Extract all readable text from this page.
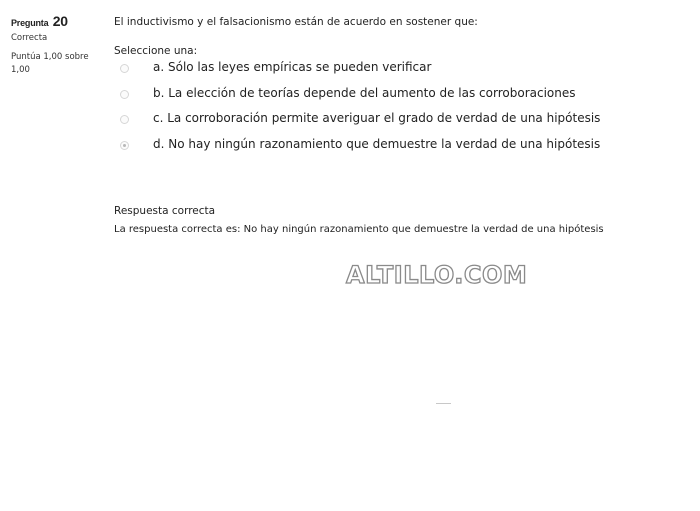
Pregunta 20
Correcta
Puntúa 1,00 sobre 1,00
El inductivismo y el falsacionismo están de acuerdo en sostener que:
Seleccione una:
a. Sólo las leyes empíricas se pueden verificar
b. La elección de teorías depende del aumento de las corroboraciones
c. La corroboración permite averiguar el grado de verdad de una hipótesis
d. No hay ningún razonamiento que demuestre la verdad de una hipótesis
Respuesta correcta
La respuesta correcta es: No hay ningún razonamiento que demuestre la verdad de una hipótesis
ALTILLO.COM
